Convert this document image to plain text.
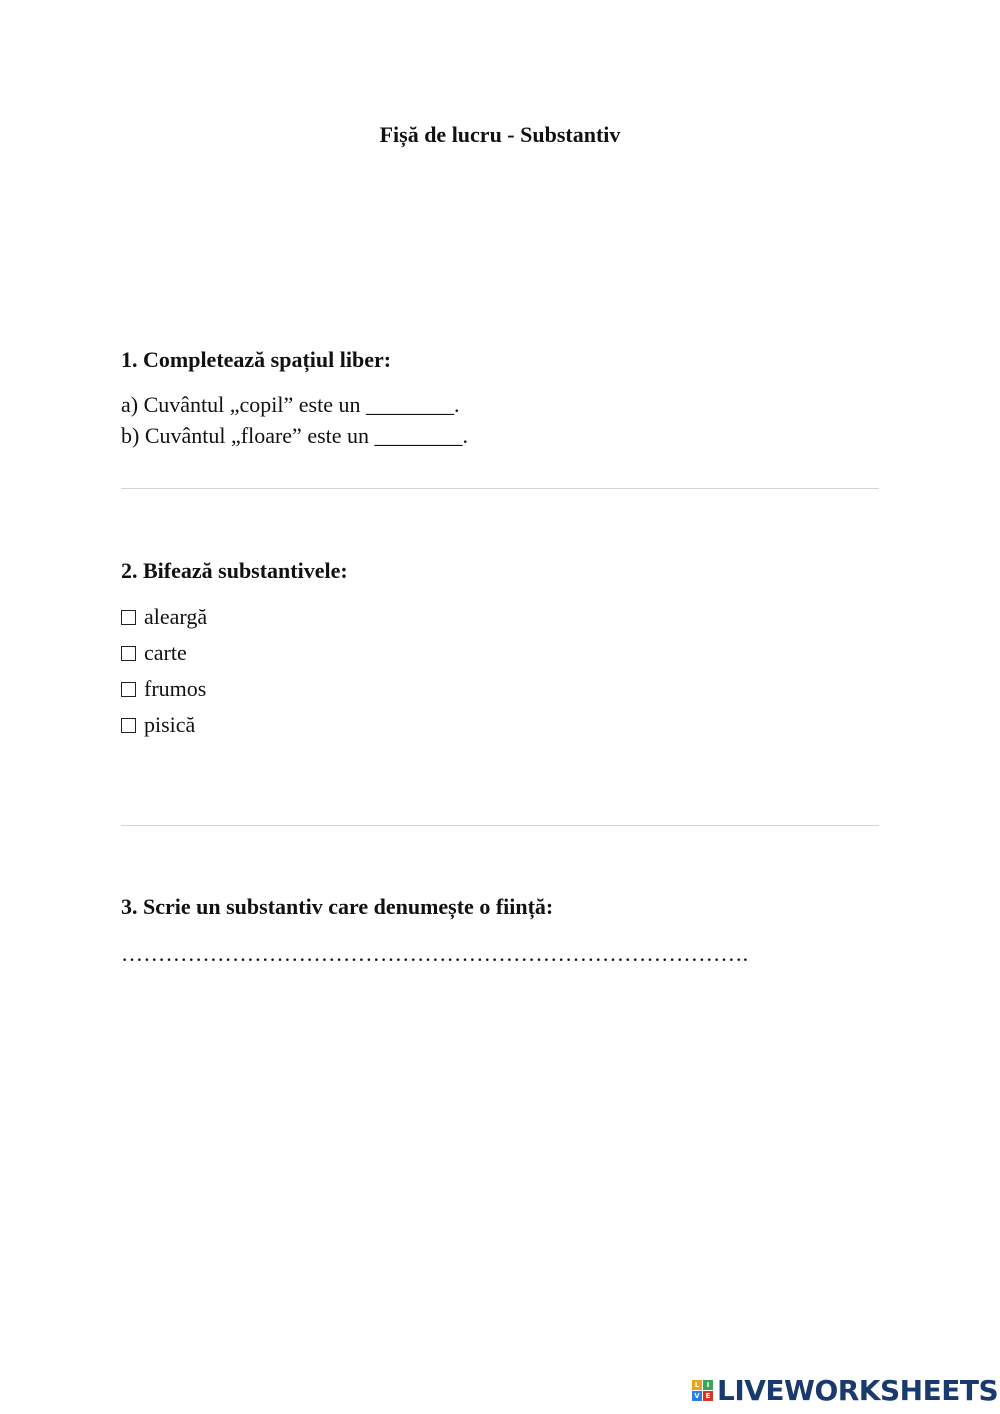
Fișă de lucru - Substantiv
1. Completează spațiul liber:
a) Cuvântul „copil” este un ________.
b) Cuvântul „floare” este un ________.
2. Bifează substantivele:
aleargă
carte
frumos
pisică
3. Scrie un substantiv care denumește o ființă:
………………………………………………………………………….
L	I
V E LIVEWORKSHEETS
